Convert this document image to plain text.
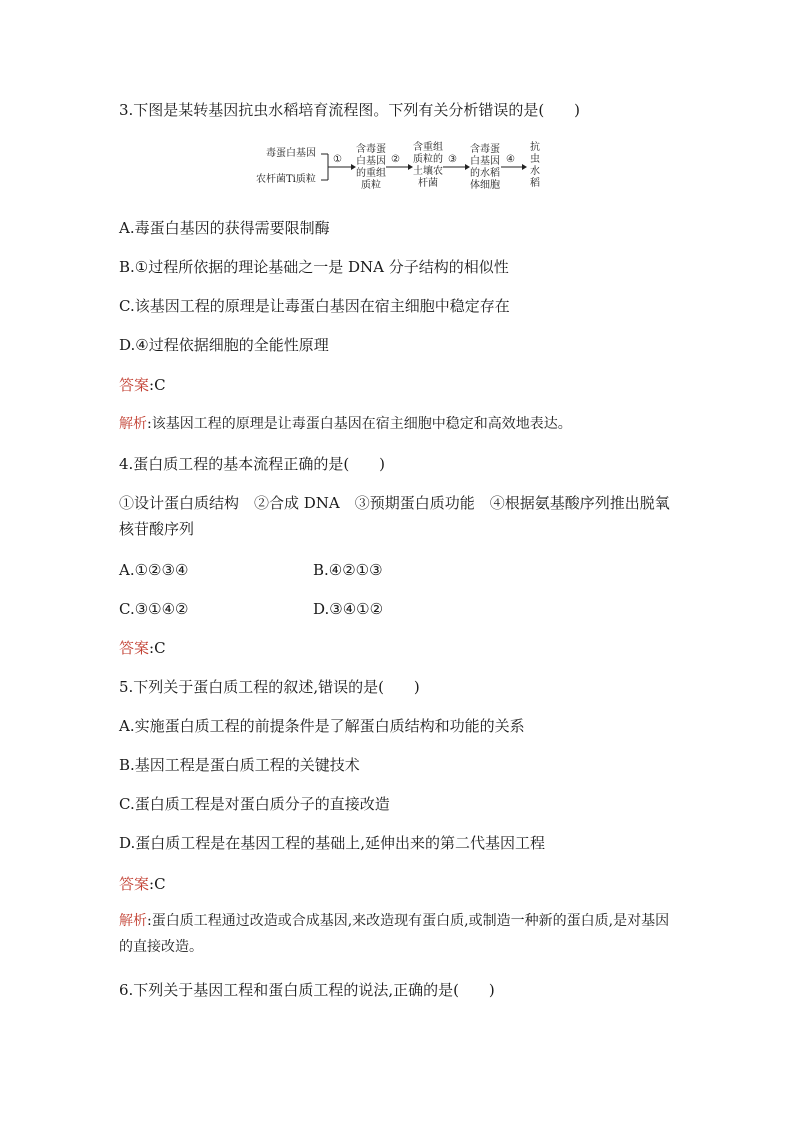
3.下图是某转基因抗虫水稻培育流程图。下列有关分析错误的是(　　)
毒蛋白基因
农杆菌Ti质粒
①
含毒蛋
白基因
的重组
质粒
②
含重组
质粒的
土壤农
杆菌
③
含毒蛋
白基因
的水稻
体细胞
④
抗
虫
水
稻
A.毒蛋白基因的获得需要限制酶
B.①过程所依据的理论基础之一是 DNA 分子结构的相似性
C.该基因工程的原理是让毒蛋白基因在宿主细胞中稳定存在
D.④过程依据细胞的全能性原理
答案:C
解析:该基因工程的原理是让毒蛋白基因在宿主细胞中稳定和高效地表达。
4.蛋白质工程的基本流程正确的是(　　)
①设计蛋白质结构　②合成 DNA　③预期蛋白质功能　④根据氨基酸序列推出脱氧核苷酸序列
A.①②③④	B.④②①③
C.③①④②	D.③④①②
答案:C
5.下列关于蛋白质工程的叙述,错误的是(　　)
A.实施蛋白质工程的前提条件是了解蛋白质结构和功能的关系
B.基因工程是蛋白质工程的关键技术
C.蛋白质工程是对蛋白质分子的直接改造
D.蛋白质工程是在基因工程的基础上,延伸出来的第二代基因工程
答案:C
解析:蛋白质工程通过改造或合成基因,来改造现有蛋白质,或制造一种新的蛋白质,是对基因的直接改造。
6.下列关于基因工程和蛋白质工程的说法,正确的是(　　)
